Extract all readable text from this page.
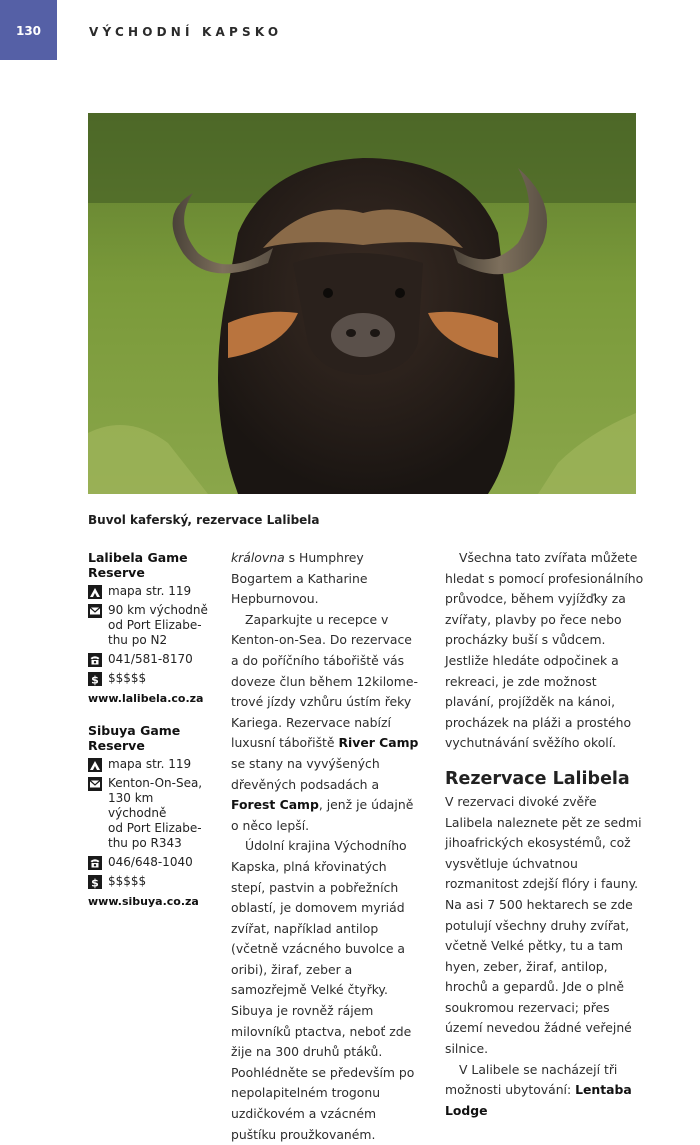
130	VÝCHODNÍ KAPSKO
Buvol kaferský, rezervace Lalibela
Lalibela Game Reserve
mapa str. 119
90 km východně
od Port Elizabe-
thu po N2
041/581-8170
$ $$$$$
www.lalibela.co.za
Sibuya Game Reserve
mapa str. 119
Kenton-On-Sea,
130 km východně
od Port Elizabe-
thu po R343
046/648-1040
$ $$$$$
www.sibuya.co.za

královna s Humphrey Bogartem a Katharine Hepburnovou.

Zaparkujte u recepce v Kenton-on-Sea. Do rezervace a do poříčního tábořiště vás doveze člun během 12kilometrové jízdy vzhůru ústím řeky Kariega. Rezervace nabízí luxusní tábořiště River Camp se stany na vyvýšených dřevěných podsadách a Forest Camp, jenž je údajně o něco lepší.

Údolní krajina Východního Kapska, plná křovinatých stepí, pastvin a pobřežních oblastí, je domovem myriád zvířat, například antilop (včetně vzácného buvolce a oribi), žiraf, zeber a samozřejmě Velké čtyřky. Sibuya je rovněž rájem milovníků ptactva, neboť zde žije na 300 druhů ptáků. Poohlédněte se především po nepolapitelném trogonu uzdičkovém a vzácném puštíku proužkovaném.

Všechna tato zvířata můžete hledat s pomocí profesionálního průvodce, během vyjížďky za zvířaty, plavby po řece nebo procházky buší s vůdcem. Jestliže hledáte odpočinek a rekreaci, je zde možnost plavání, projížděk na kánoi, procházek na pláži a prostého vychutnávání svěžího okolí.

Rezervace Lalibela

V rezervaci divoké zvěře Lalibela naleznete pět ze sedmi jihoafrických ekosystémů, což vysvětluje úchvatnou rozmanitost zdejší flóry i fauny. Na asi 7 500 hektarech se zde potulují všechny druhy zvířat, včetně Velké pětky, tu a tam hyen, zeber, žiraf, antilop, hrochů a gepardů. Jde o plně soukromou rezervaci; přes území nevedou žádné veřejné silnice.

V Lalibele se nacházejí tři možnosti ubytování: Lentaba Lodge
